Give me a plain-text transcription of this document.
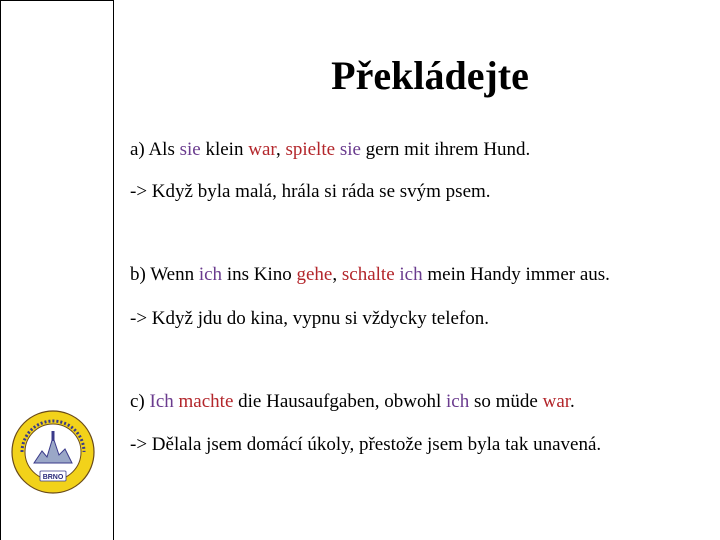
Překládejte
a) Als sie klein war, spielte sie gern mit ihrem Hund.
-> Když byla malá, hrála si ráda se svým psem.
b) Wenn ich ins Kino gehe, schalte ich mein Handy immer aus.
-> Když jdu do kina, vypnu si vždycky telefon.
c) Ich machte die Hausaufgaben, obwohl ich so müde war.
-> Dělala jsem domácí úkoly, přestože jsem byla tak unavená.
BRNO
